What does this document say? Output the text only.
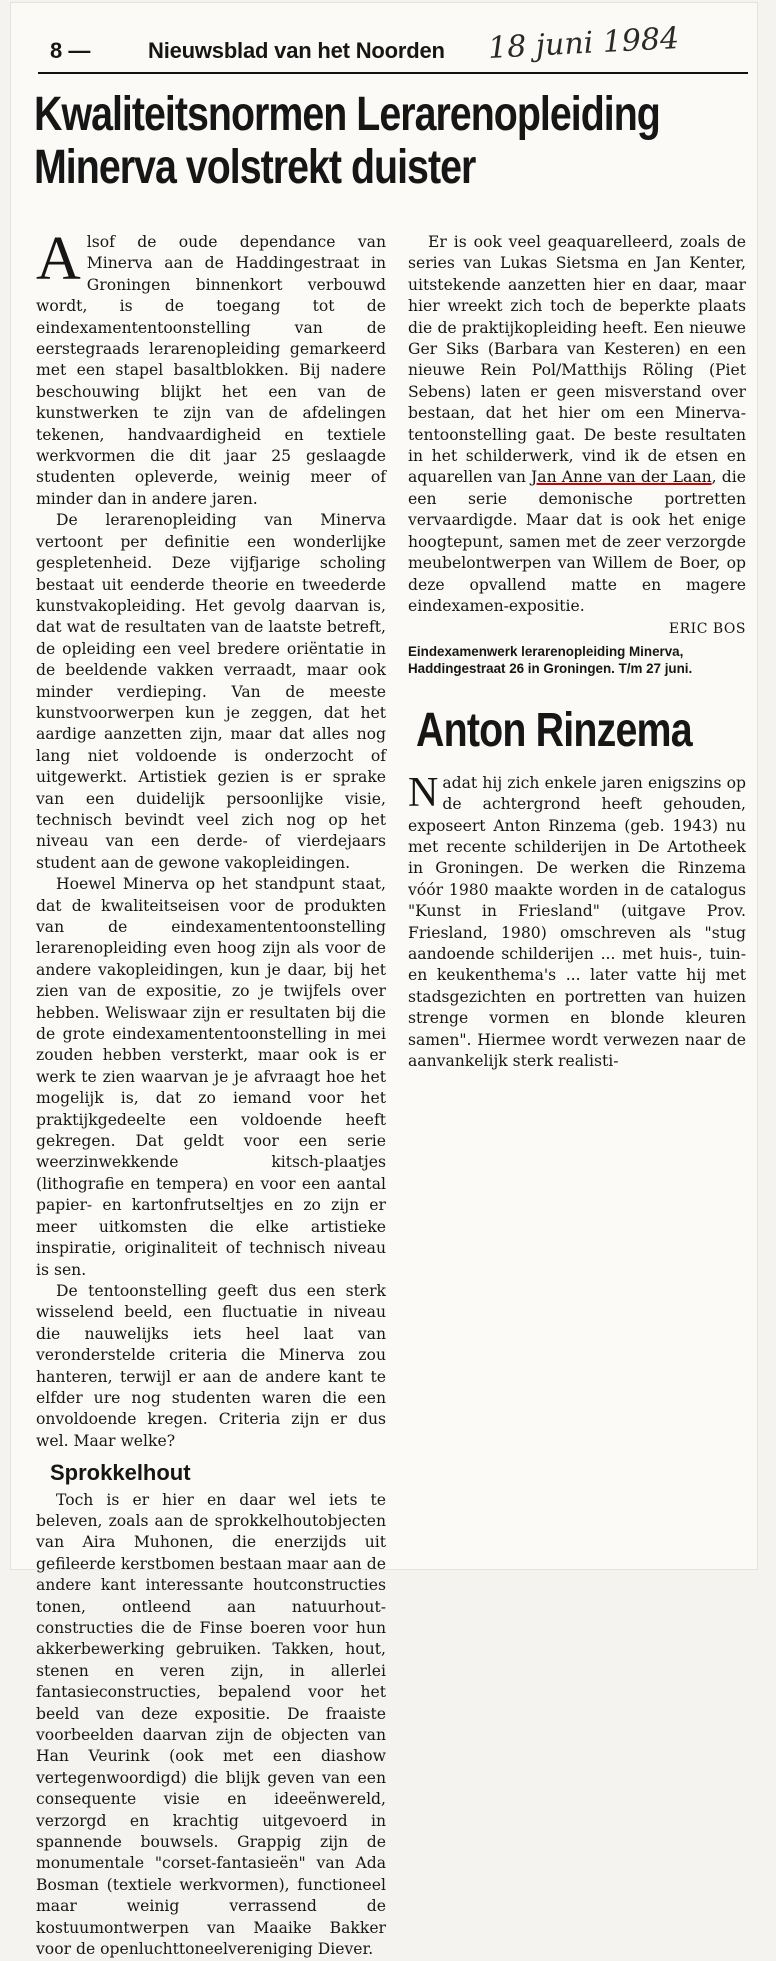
8 —	Nieuwsblad van het Noorden 18 juni 1984
Kwaliteitsnormen Lerarenopleiding
Minerva volstrekt duister

Alsof de oude dependance van Minerva aan de Haddingestraat in Groningen binnenkort verbouwd wordt, is de toegang tot de eindexamententoonstelling van de eerstegraads lerarenopleiding gemarkeerd met een stapel basaltblokken. Bij nadere beschouwing blijkt het een van de kunstwerken te zijn van de afdelingen tekenen, handvaardigheid en textiele werkvormen die dit jaar 25 geslaagde studenten opleverde, weinig meer of minder dan in andere jaren.

De lerarenopleiding van Minerva vertoont per definitie een wonderlijke gespletenheid. Deze vijfjarige scholing bestaat uit eenderde theorie en tweederde kunstvakopleiding. Het gevolg daarvan is, dat wat de resultaten van de laatste betreft, de opleiding een veel bredere oriëntatie in de beeldende vakken verraadt, maar ook minder verdieping. Van de meeste kunstvoorwerpen kun je zeggen, dat het aardige aanzetten zijn, maar dat alles nog lang niet voldoende is onderzocht of uitgewerkt. Artistiek gezien is er sprake van een duidelijk persoonlijke visie, technisch bevindt veel zich nog op het niveau van een derde- of vierdejaars student aan de gewone vakopleidingen.

Hoewel Minerva op het standpunt staat, dat de kwaliteitseisen voor de produkten van de eindexamententoonstelling lerarenopleiding even hoog zijn als voor de andere vakopleidingen, kun je daar, bij het zien van de expositie, zo je twijfels over hebben. Weliswaar zijn er resultaten bij die de grote eindexamententoonstelling in mei zouden hebben versterkt, maar ook is er werk te zien waarvan je je afvraagt hoe het mogelijk is, dat zo iemand voor het praktijkgedeelte een voldoende heeft gekregen. Dat geldt voor een serie weerzinwekkende kitsch-plaatjes (lithografie en tempera) en voor een aantal papier- en kartonfrutseltjes en zo zijn er meer uitkomsten die elke artistieke inspiratie, originaliteit of technisch niveau is sen.

De tentoonstelling geeft dus een sterk wisselend beeld, een fluctuatie in niveau die nauwelijks iets heel laat van veronderstelde criteria die Minerva zou hanteren, terwijl er aan de andere kant te elfder ure nog studenten waren die een onvoldoende kregen. Criteria zijn er dus wel. Maar welke?

Sprokkelhout

Toch is er hier en daar wel iets te beleven, zoals aan de sprokkelhoutobjecten van Aira Muhonen, die enerzijds uit gefileerde kerstbomen bestaan maar aan de andere kant interessante houtconstructies tonen, ontleend aan natuurhout-constructies die de Finse boeren voor hun akkerbewerking gebruiken. Takken, hout, stenen en veren zijn, in allerlei fantasieconstructies, bepalend voor het beeld van deze expositie. De fraaiste voorbeelden daarvan zijn de objecten van Han Veurink (ook met een diashow vertegenwoordigd) die blijk geven van een consequente visie en ideeënwereld, verzorgd en krachtig uitgevoerd in spannende bouwsels. Grappig zijn de monumentale "corset-fantasieën" van Ada Bosman (textiele werkvormen), functioneel maar weinig verrassend de kostuumontwerpen van Maaike Bakker voor de openluchttoneelvereniging Diever.

Er is ook veel geaquarelleerd, zoals de series van Lukas Sietsma en Jan Kenter, uitstekende aanzetten hier en daar, maar hier wreekt zich toch de beperkte plaats die de praktijkopleiding heeft. Een nieuwe Ger Siks (Barbara van Kesteren) en een nieuwe Rein Pol/Matthijs Röling (Piet Sebens) laten er geen misverstand over bestaan, dat het hier om een Minerva-tentoonstelling gaat. De beste resultaten in het schilderwerk, vind ik de etsen en aquarellen van Jan Anne van der Laan, die een serie demonische portretten vervaardigde. Maar dat is ook het enige hoogtepunt, samen met de zeer verzorgde meubelontwerpen van Willem de Boer, op deze opvallend matte en magere eindexamen-expositie.

ERIC BOS
Eindexamenwerk lerarenopleiding Minerva, Haddingestraat 26 in Groningen. T/m 27 juni.
Anton Rinzema

Nadat hij zich enkele jaren enigszins op de achtergrond heeft gehouden, exposeert Anton Rinzema (geb. 1943) nu met recente schilderijen in De Artotheek in Groningen. De werken die Rinzema vóór 1980 maakte worden in de catalogus "Kunst in Friesland" (uitgave Prov. Friesland, 1980) omschreven als "stug aandoende schilderijen ... met huis-, tuin- en keukenthema's ... later vatte hij met stadsgezichten en portretten van huizen strenge vormen en blonde kleuren samen". Hiermee wordt verwezen naar de aanvankelijk sterk realisti-
